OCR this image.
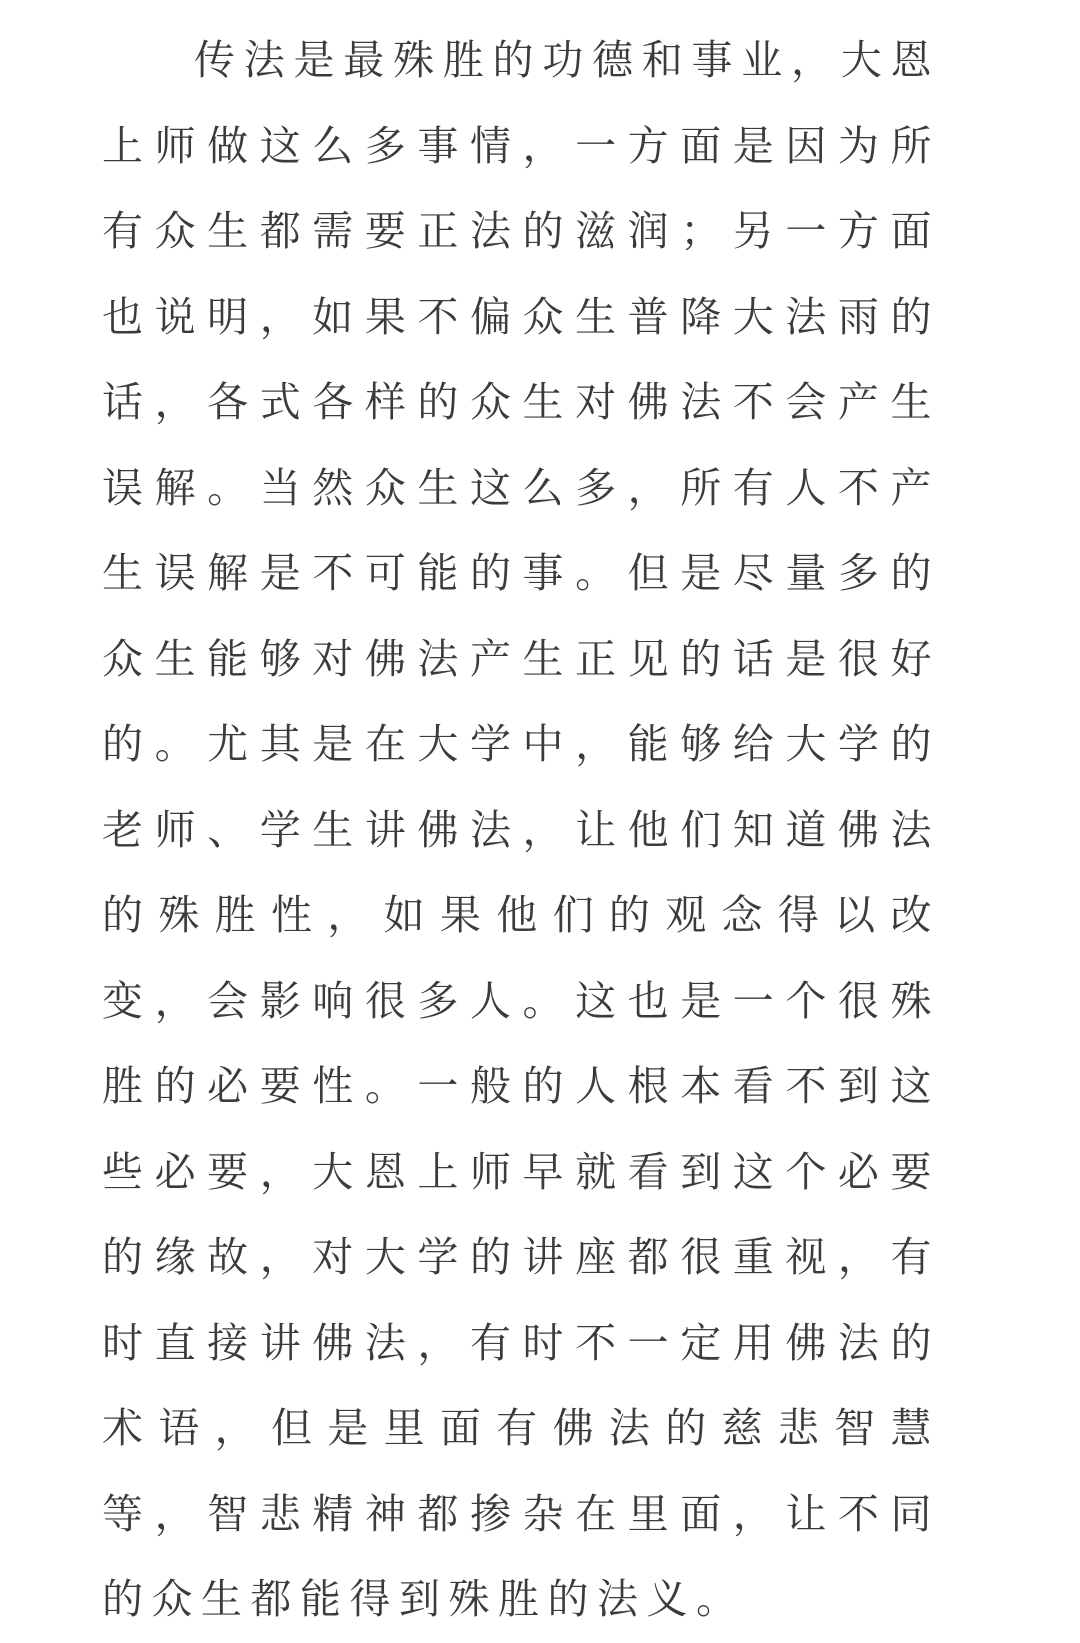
传法是最殊胜的功德和事业，大恩上师做这么多事情，一方面是因为所有众生都需要正法的滋润；另一方面也说明，如果不偏众生普降大法雨的话，各式各样的众生对佛法不会产生误解。当然众生这么多，所有人不产生误解是不可能的事。但是尽量多的众生能够对佛法产生正见的话是很好的。尤其是在大学中，能够给大学的老师、学生讲佛法，让他们知道佛法的殊胜性，如果他们的观念得以改变，会影响很多人。这也是一个很殊胜的必要性。一般的人根本看不到这些必要，大恩上师早就看到这个必要的缘故，对大学的讲座都很重视，有时直接讲佛法，有时不一定用佛法的术语，但是里面有佛法的慈悲智慧等，智悲精神都掺杂在里面，让不同的众生都能得到殊胜的法义。
